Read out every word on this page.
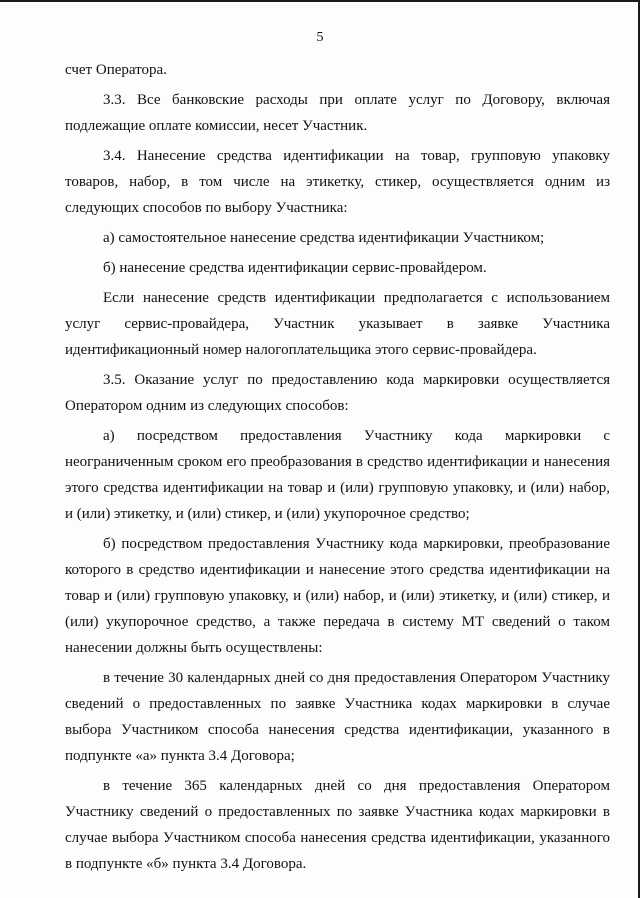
5

счет Оператора.

3.3. Все банковские расходы при оплате услуг по Договору, включая подлежащие оплате комиссии, несет Участник.

3.4. Нанесение средства идентификации на товар, групповую упаковку товаров, набор, в том числе на этикетку, стикер, осуществляется одним из следующих способов по выбору Участника:

а) самостоятельное нанесение средства идентификации Участником;

б) нанесение средства идентификации сервис-провайдером.

Если нанесение средств идентификации предполагается с использованием услуг сервис-провайдера, Участник указывает в заявке Участника идентификационный номер налогоплательщика этого сервис-провайдера.

3.5. Оказание услуг по предоставлению кода маркировки осуществляется Оператором одним из следующих способов:

а) посредством предоставления Участнику кода маркировки с неограниченным сроком его преобразования в средство идентификации и нанесения этого средства идентификации на товар и (или) групповую упаковку, и (или) набор, и (или) этикетку, и (или) стикер, и (или) укупорочное средство;

б) посредством предоставления Участнику кода маркировки, преобразование которого в средство идентификации и нанесение этого средства идентификации на товар и (или) групповую упаковку, и (или) набор, и (или) этикетку, и (или) стикер, и (или) укупорочное средство, а также передача в систему МТ сведений о таком нанесении должны быть осуществлены:

в течение 30 календарных дней со дня предоставления Оператором Участнику сведений о предоставленных по заявке Участника кодах маркировки в случае выбора Участником способа нанесения средства идентификации, указанного в подпункте «а» пункта 3.4 Договора;

в течение 365 календарных дней со дня предоставления Оператором Участнику сведений о предоставленных по заявке Участника кодах маркировки в случае выбора Участником способа нанесения средства идентификации, указанного в подпункте «б» пункта 3.4 Договора.
